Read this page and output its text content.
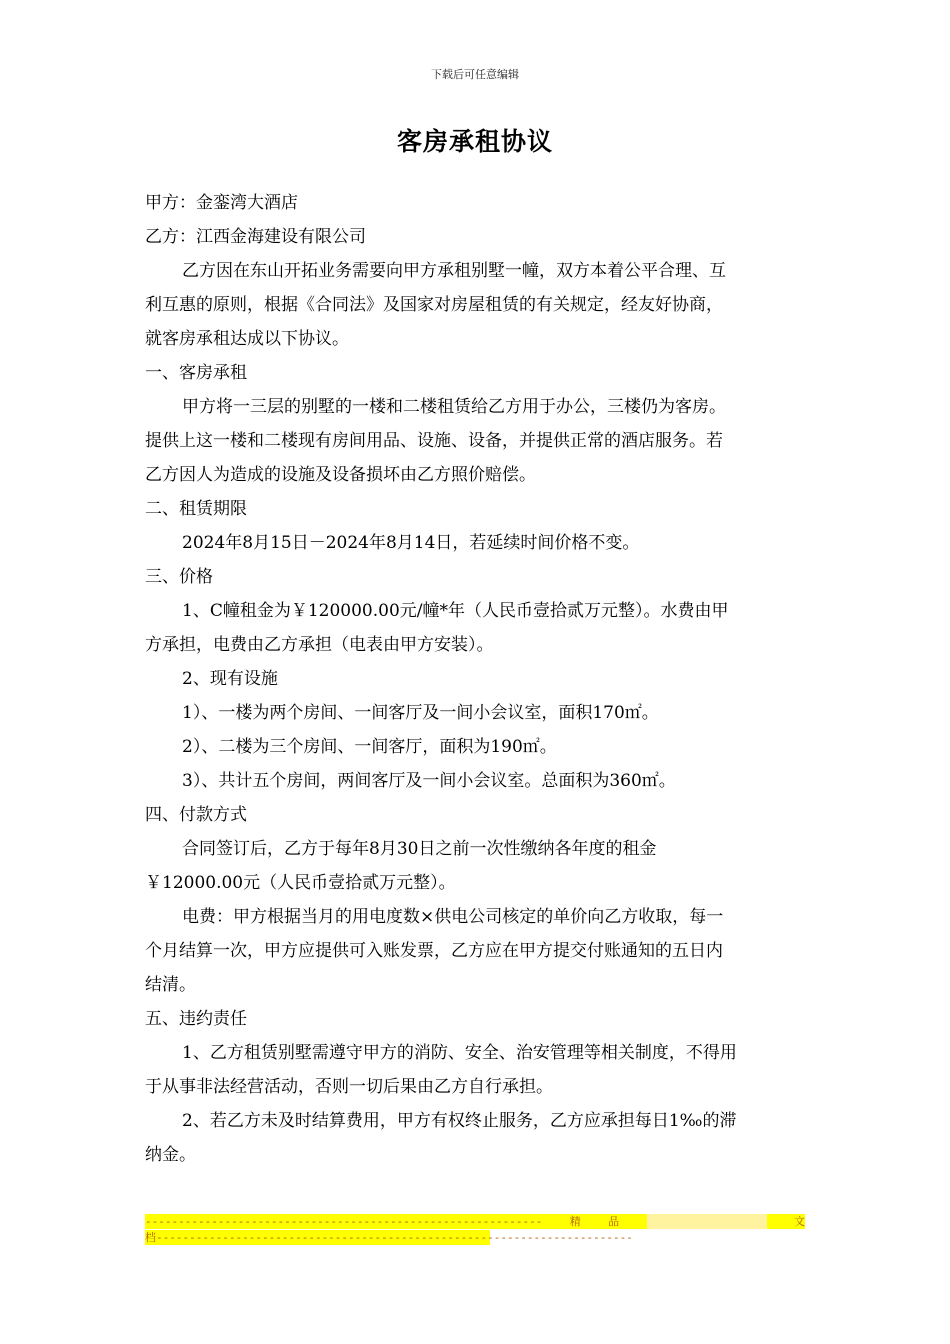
下载后可任意编辑
客房承租协议
甲方：金銮湾大酒店
乙方：江西金海建设有限公司
乙方因在东山开拓业务需要向甲方承租别墅一幢，双方本着公平合理、互
利互惠的原则，根据《合同法》及国家对房屋租赁的有关规定，经友好协商，
就客房承租达成以下协议。
一、客房承租
甲方将一三层的别墅的一楼和二楼租赁给乙方用于办公，三楼仍为客房。
提供上这一楼和二楼现有房间用品、设施、设备，并提供正常的酒店服务。若
乙方因人为造成的设施及设备损坏由乙方照价赔偿。
二、租赁期限
2024年8月15日－2024年8月14日，若延续时间价格不变。
三、价格
1、C幢租金为￥120000.00元/幢*年（人民币壹拾贰万元整）。水费由甲
方承担，电费由乙方承担（电表由甲方安装）。
2、现有设施
1）、一楼为两个房间、一间客厅及一间小会议室，面积170㎡。
2）、二楼为三个房间、一间客厅，面积为190㎡。
3）、共计五个房间，两间客厅及一间小会议室。总面积为360㎡。
四、付款方式
合同签订后，乙方于每年8月30日之前一次性缴纳各年度的租金
￥12000.00元（人民币壹拾贰万元整）。
电费：甲方根据当月的用电度数×供电公司核定的单价向乙方收取，每一
个月结算一次，甲方应提供可入账发票，乙方应在甲方提交付账通知的五日内
结清。
五、违约责任
1、乙方租赁别墅需遵守甲方的消防、安全、治安管理等相关制度，不得用
于从事非法经营活动，否则一切后果由乙方自行承担。
2、若乙方未及时结算费用，甲方有权终止服务，乙方应承担每日1‰的滞
纳金。
------------------------------------------------------------ 精 品	文
档------------------------------------------------------------------------
